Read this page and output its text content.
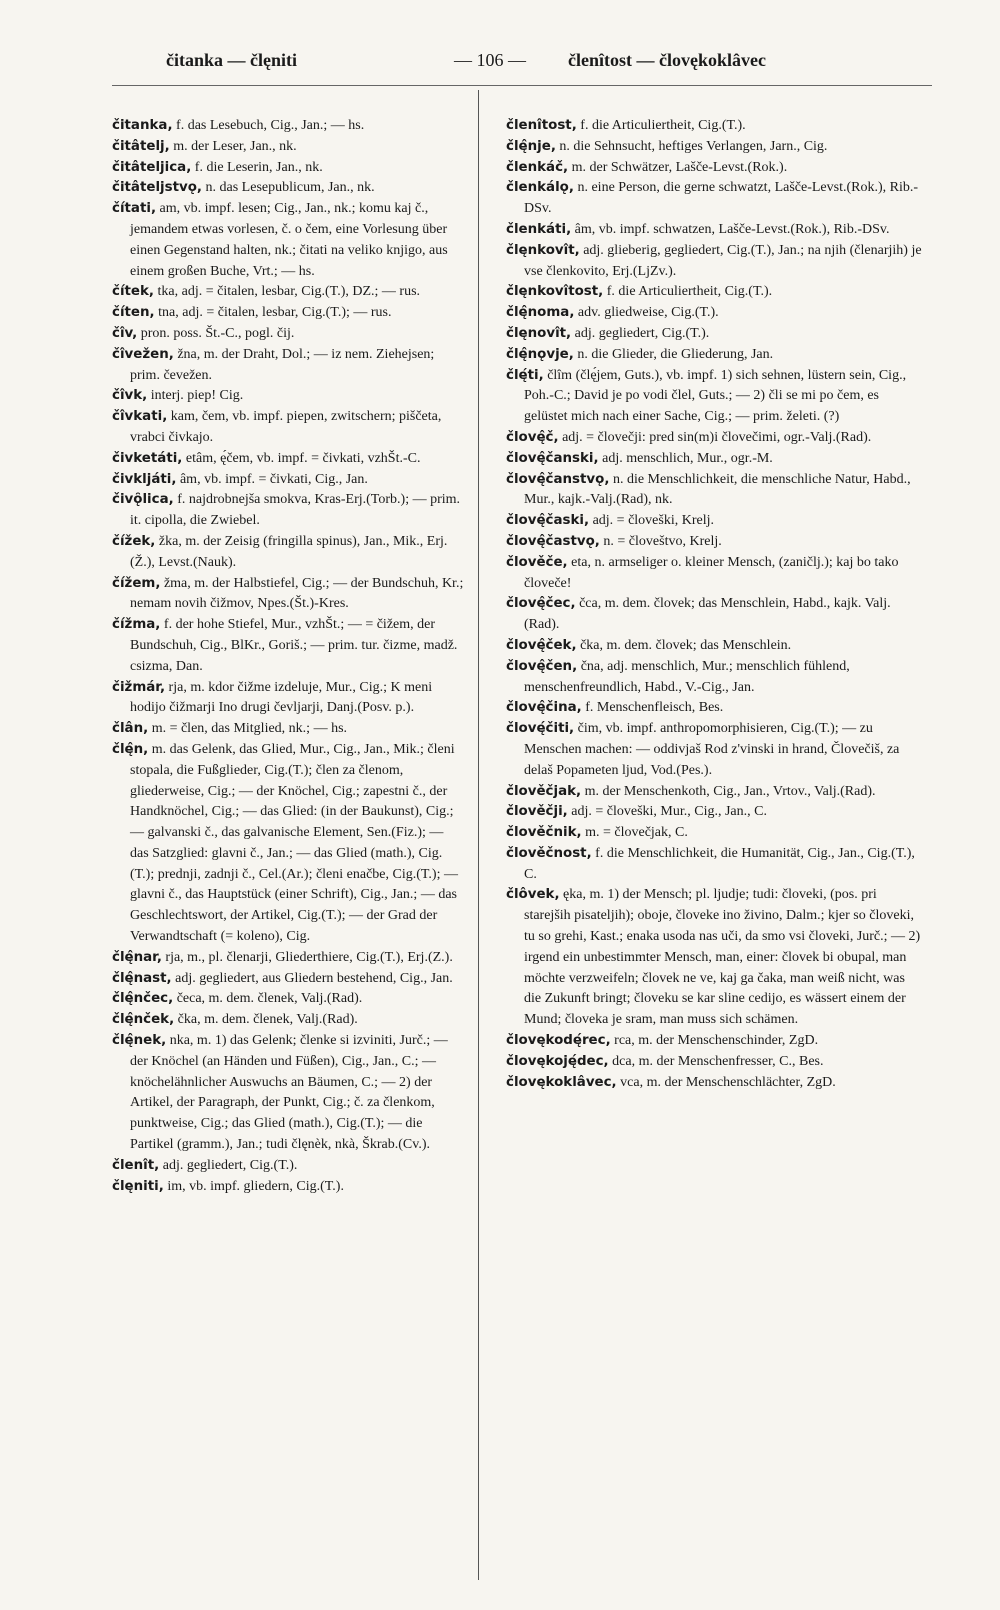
čitanka — člęniti	— 106 —	členîtost — človękoklâvec

čitanka, f. das Lesebuch, Cig., Jan.; — hs.

čitâtelj, m. der Leser, Jan., nk.

čitâteljica, f. die Leserin, Jan., nk.

čitâteljstvǫ, n. das Lesepublicum, Jan., nk.

čítati, am, vb. impf. lesen; Cig., Jan., nk.; komu kaj č., jemandem etwas vorlesen, č. o čem, eine Vorlesung über einen Gegenstand halten, nk.; čitati na veliko knjigo, aus einem großen Buche, Vrt.; — hs.

čítek, tka, adj. = čitalen, lesbar, Cig.(T.), DZ.; — rus.

číten, tna, adj. = čitalen, lesbar, Cig.(T.); — rus.

čîv, pron. poss. Št.-C., pogl. čij.

čîvežen, žna, m. der Draht, Dol.; — iz nem. Ziehejsen; prim. čevežen.

čîvk, interj. piep! Cig.

čîvkati, kam, čem, vb. impf. piepen, zwitschern; piščeta, vrabci čivkajo.

čivketáti, etâm, ę́čem, vb. impf. = čivkati, vzhŠt.-C.

čivkljáti, âm, vb. impf. = čivkati, Cig., Jan.

čivǫ̑lica, f. najdrobnejša smokva, Kras-Erj.(Torb.); — prim. it. cipolla, die Zwiebel.

čížek, žka, m. der Zeisig (fringilla spinus), Jan., Mik., Erj.(Ž.), Levst.(Nauk).

čížem, žma, m. der Halbstiefel, Cig.; — der Bundschuh, Kr.; nemam novih čižmov, Npes.(Št.)-Kres.

čížma, f. der hohe Stiefel, Mur., vzhŠt.; — = čižem, der Bundschuh, Cig., BlKr., Goriš.; — prim. tur. čizme, madž. csizma, Dan.

čižmár, rja, m. kdor čižme izdeluje, Mur., Cig.; K meni hodijo čižmarji Ino drugi čevljarji, Danj.(Posv. p.).

člân, m. = člen, das Mitglied, nk.; — hs.

člę̂n, m. das Gelenk, das Glied, Mur., Cig., Jan., Mik.; členi stopala, die Fußglieder, Cig.(T.); člen za členom, gliederweise, Cig.; — der Knöchel, Cig.; zapestni č., der Handknöchel, Cig.; — das Glied: (in der Baukunst), Cig.; — galvanski č., das galvanische Element, Sen.(Fiz.); — das Satzglied: glavni č., Jan.; — das Glied (math.), Cig.(T.); prednji, zadnji č., Cel.(Ar.); členi enačbe, Cig.(T.); — glavni č., das Hauptstück (einer Schrift), Cig., Jan.; — das Geschlechtswort, der Artikel, Cig.(T.); — der Grad der Verwandtschaft (= koleno), Cig.

člę̂nar, rja, m., pl. členarji, Gliederthiere, Cig.(T.), Erj.(Z.).

člę̂nast, adj. gegliedert, aus Gliedern bestehend, Cig., Jan.

člę̂nčec, čeca, m. dem. členek, Valj.(Rad).

člę̂nček, čka, m. dem. členek, Valj.(Rad).

člę̂nek, nka, m. 1) das Gelenk; členke si izviniti, Jurč.; — der Knöchel (an Händen und Füßen), Cig., Jan., C.; — knöchelähnlicher Auswuchs an Bäumen, C.; — 2) der Artikel, der Paragraph, der Punkt, Cig.; č. za členkom, punktweise, Cig.; das Glied (math.), Cig.(T.); — die Partikel (gramm.), Jan.; tudi člęnèk, nkà, Škrab.(Cv.).

členît, adj. gegliedert, Cig.(T.).

člęniti, im, vb. impf. gliedern, Cig.(T.).

členîtost, f. die Articuliertheit, Cig.(T.).

člę̂nje, n. die Sehnsucht, heftiges Verlangen, Jarn., Cig.

členkáč, m. der Schwätzer, Lašče-Levst.(Rok.).

členkálǫ, n. eine Person, die gerne schwatzt, Lašče-Levst.(Rok.), Rib.-DSv.

členkáti, âm, vb. impf. schwatzen, Lašče-Levst.(Rok.), Rib.-DSv.

člęnkovît, adj. glieberig, gegliedert, Cig.(T.), Jan.; na njih (členarjih) je vse členkovito, Erj.(LjZv.).

člęnkovîtost, f. die Articuliertheit, Cig.(T.).

člę̂noma, adv. gliedweise, Cig.(T.).

člęnovît, adj. gegliedert, Cig.(T.).

člę̂nǫvje, n. die Glieder, die Gliederung, Jan.

člę́ti, člîm (člę́jem, Guts.), vb. impf. 1) sich sehnen, lüstern sein, Cig., Poh.-C.; David je po vodi člel, Guts.; — 2) čli se mi po čem, es gelüstet mich nach einer Sache, Cig.; — prim. želeti. (?)

človę̂č, adj. = človečji: pred sin(m)i človečimi, ogr.-Valj.(Rad).

človę̂čanski, adj. menschlich, Mur., ogr.-M.

človę̂čanstvǫ, n. die Menschlichkeit, die menschliche Natur, Habd., Mur., kajk.-Valj.(Rad), nk.

človę̂časki, adj. = človeški, Krelj.

človę̂častvǫ, n. = človeštvo, Krelj.

člověče, eta, n. armseliger o. kleiner Mensch, (zaničlj.); kaj bo tako človeče!

človę̂čec, čca, m. dem. človek; das Menschlein, Habd., kajk. Valj.(Rad).

človę̂ček, čka, m. dem. človek; das Menschlein.

človę̂čen, čna, adj. menschlich, Mur.; menschlich fühlend, menschenfreundlich, Habd., V.-Cig., Jan.

človę̂čina, f. Menschenfleisch, Bes.

človę́čiti, čim, vb. impf. anthropomorphisieren, Cig.(T.); — zu Menschen machen: — oddivjaš Rod z'vinski in hrand, Človečiš, za delaš Popameten ljud, Vod.(Pes.).

člověčjak, m. der Menschenkoth, Cig., Jan., Vrtov., Valj.(Rad).

člověčji, adj. = človeški, Mur., Cig., Jan., C.

člověčnik, m. = človečjak, C.

člověčnost, f. die Menschlichkeit, die Humanität, Cig., Jan., Cig.(T.), C.

člôvek, ęka, m. 1) der Mensch; pl. ljudje; tudi: človeki, (pos. pri starejših pisateljih); oboje, človeke ino živino, Dalm.; kjer so človeki, tu so grehi, Kast.; enaka usoda nas uči, da smo vsi človeki, Jurč.; — 2) irgend ein unbestimmter Mensch, man, einer: človek bi obupal, man möchte verzweifeln; človek ne ve, kaj ga čaka, man weiß nicht, was die Zukunft bringt; človeku se kar sline cedijo, es wässert einem der Mund; človeka je sram, man muss sich schämen.

človękodę́rec, rca, m. der Menschenschinder, ZgD.

človękoję́dec, dca, m. der Menschenfresser, C., Bes.

človękoklâvec, vca, m. der Menschenschlächter, ZgD.
